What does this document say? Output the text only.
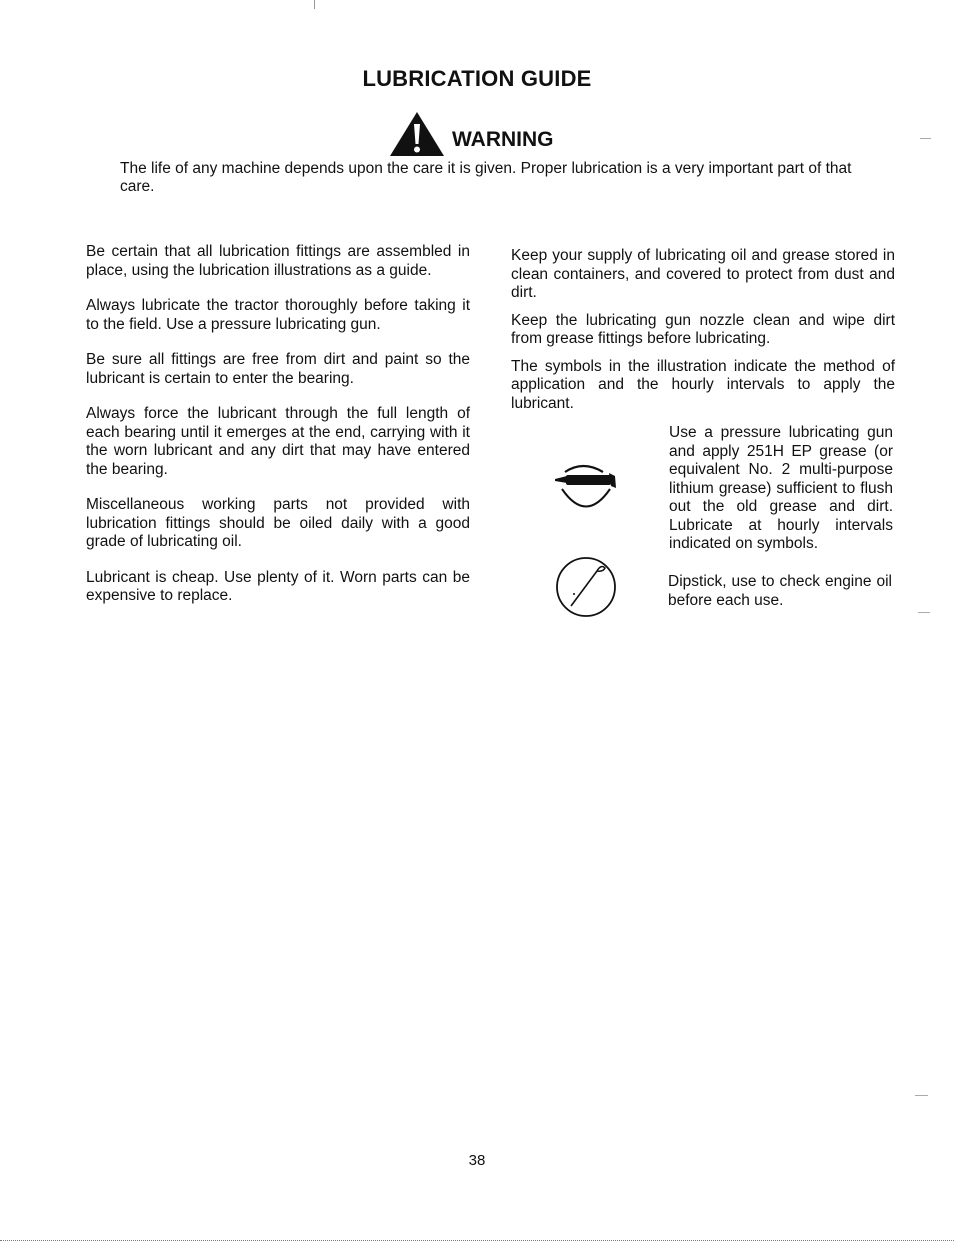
LUBRICATION GUIDE
WARNING
The life of any machine depends upon the care it is given. Proper lubrication is a very important part of that care.

Be certain that all lubrication fittings are assembled in place, using the lubrication illustrations as a guide.

Always lubricate the tractor thoroughly before taking it to the field. Use a pressure lubricating gun.

Be sure all fittings are free from dirt and paint so the lubricant is certain to enter the bearing.

Always force the lubricant through the full length of each bearing until it emerges at the end, carrying with it the worn lubricant and any dirt that may have entered the bearing.

Miscellaneous working parts not provided with lubrication fittings should be oiled daily with a good grade of lubricating oil.

Lubricant is cheap. Use plenty of it. Worn parts can be expensive to replace.

Keep your supply of lubricating oil and grease stored in clean containers, and covered to protect from dust and dirt.

Keep the lubricating gun nozzle clean and wipe dirt from grease fittings before lubricating.

The symbols in the illustration indicate the method of application and the hourly intervals to apply the lubricant.

Use a pressure lubricating gun and apply 251H EP grease (or equivalent No. 2 multi-purpose lithium grease) sufficient to flush out the old grease and dirt. Lubricate at hourly intervals indicated on symbols.

Dipstick, use to check engine oil before each use.

38
